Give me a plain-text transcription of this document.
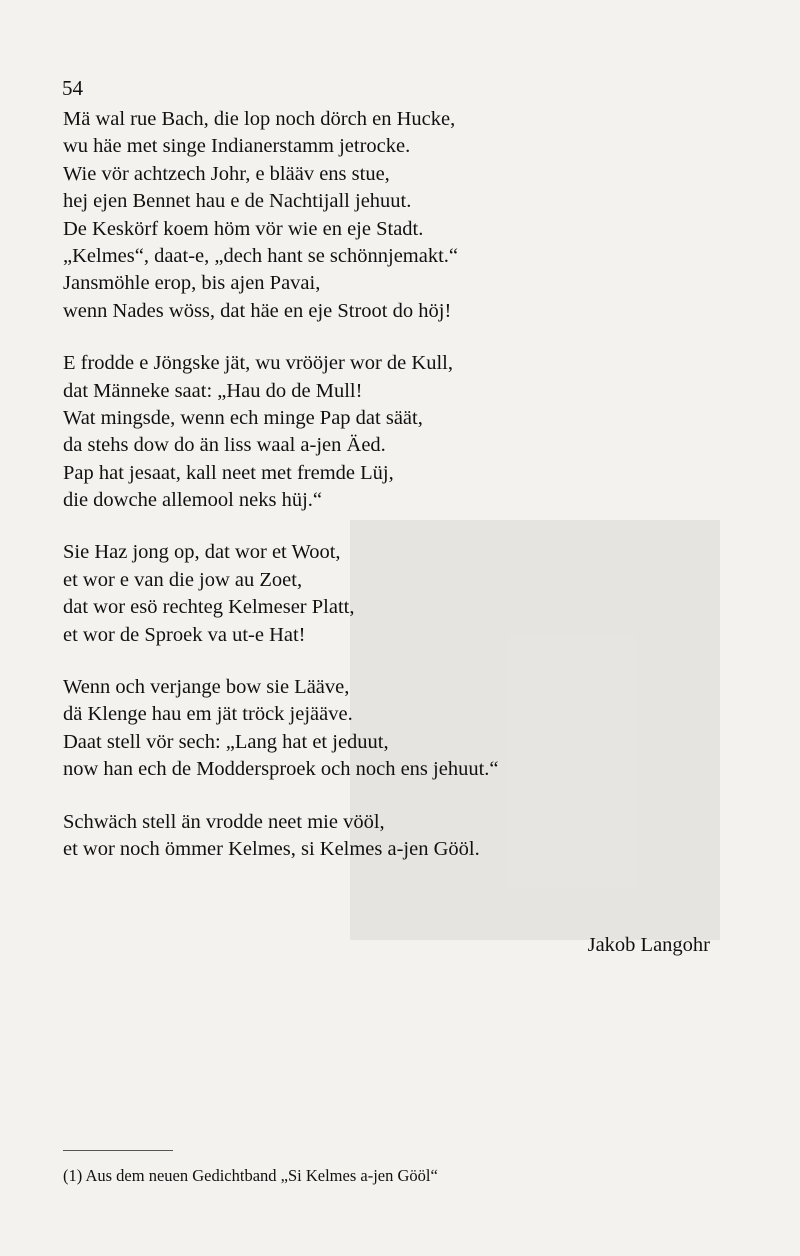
54
Mä wal rue Bach, die lop noch dörch en Hucke,
wu häe met singe Indianerstamm jetrocke.
Wie vör achtzech Johr, e blääv ens stue,
hej ejen Bennet hau e de Nachtijall jehuut.
De Keskörf koem höm vör wie en eje Stadt.
„Kelmes“, daat-e, „dech hant se schönnjemakt.“
Jansmöhle erop, bis ajen Pavai,
wenn Nades wöss, dat häe en eje Stroot do höj!
E frodde e Jöngske jät, wu vrööjer wor de Kull,
dat Männeke saat: „Hau do de Mull!
Wat mingsde, wenn ech minge Pap dat säät,
da stehs dow do än liss waal a-jen Äed.
Pap hat jesaat, kall neet met fremde Lüj,
die dowche allemool neks hüj.“
Sie Haz jong op, dat wor et Woot,
et wor e van die jow au Zoet,
dat wor esö rechteg Kelmeser Platt,
et wor de Sproek va ut-e Hat!
Wenn och verjange bow sie Lääve,
dä Klenge hau em jät tröck jejääve.
Daat stell vör sech: „Lang hat et jeduut,
now han ech de Moddersproek och noch ens jehuut.“
Schwäch stell än vrodde neet mie vööl,
et wor noch ömmer Kelmes, si Kelmes a-jen Gööl.
Jakob Langohr
(1) Aus dem neuen Gedichtband „Si Kelmes a-jen Gööl“
